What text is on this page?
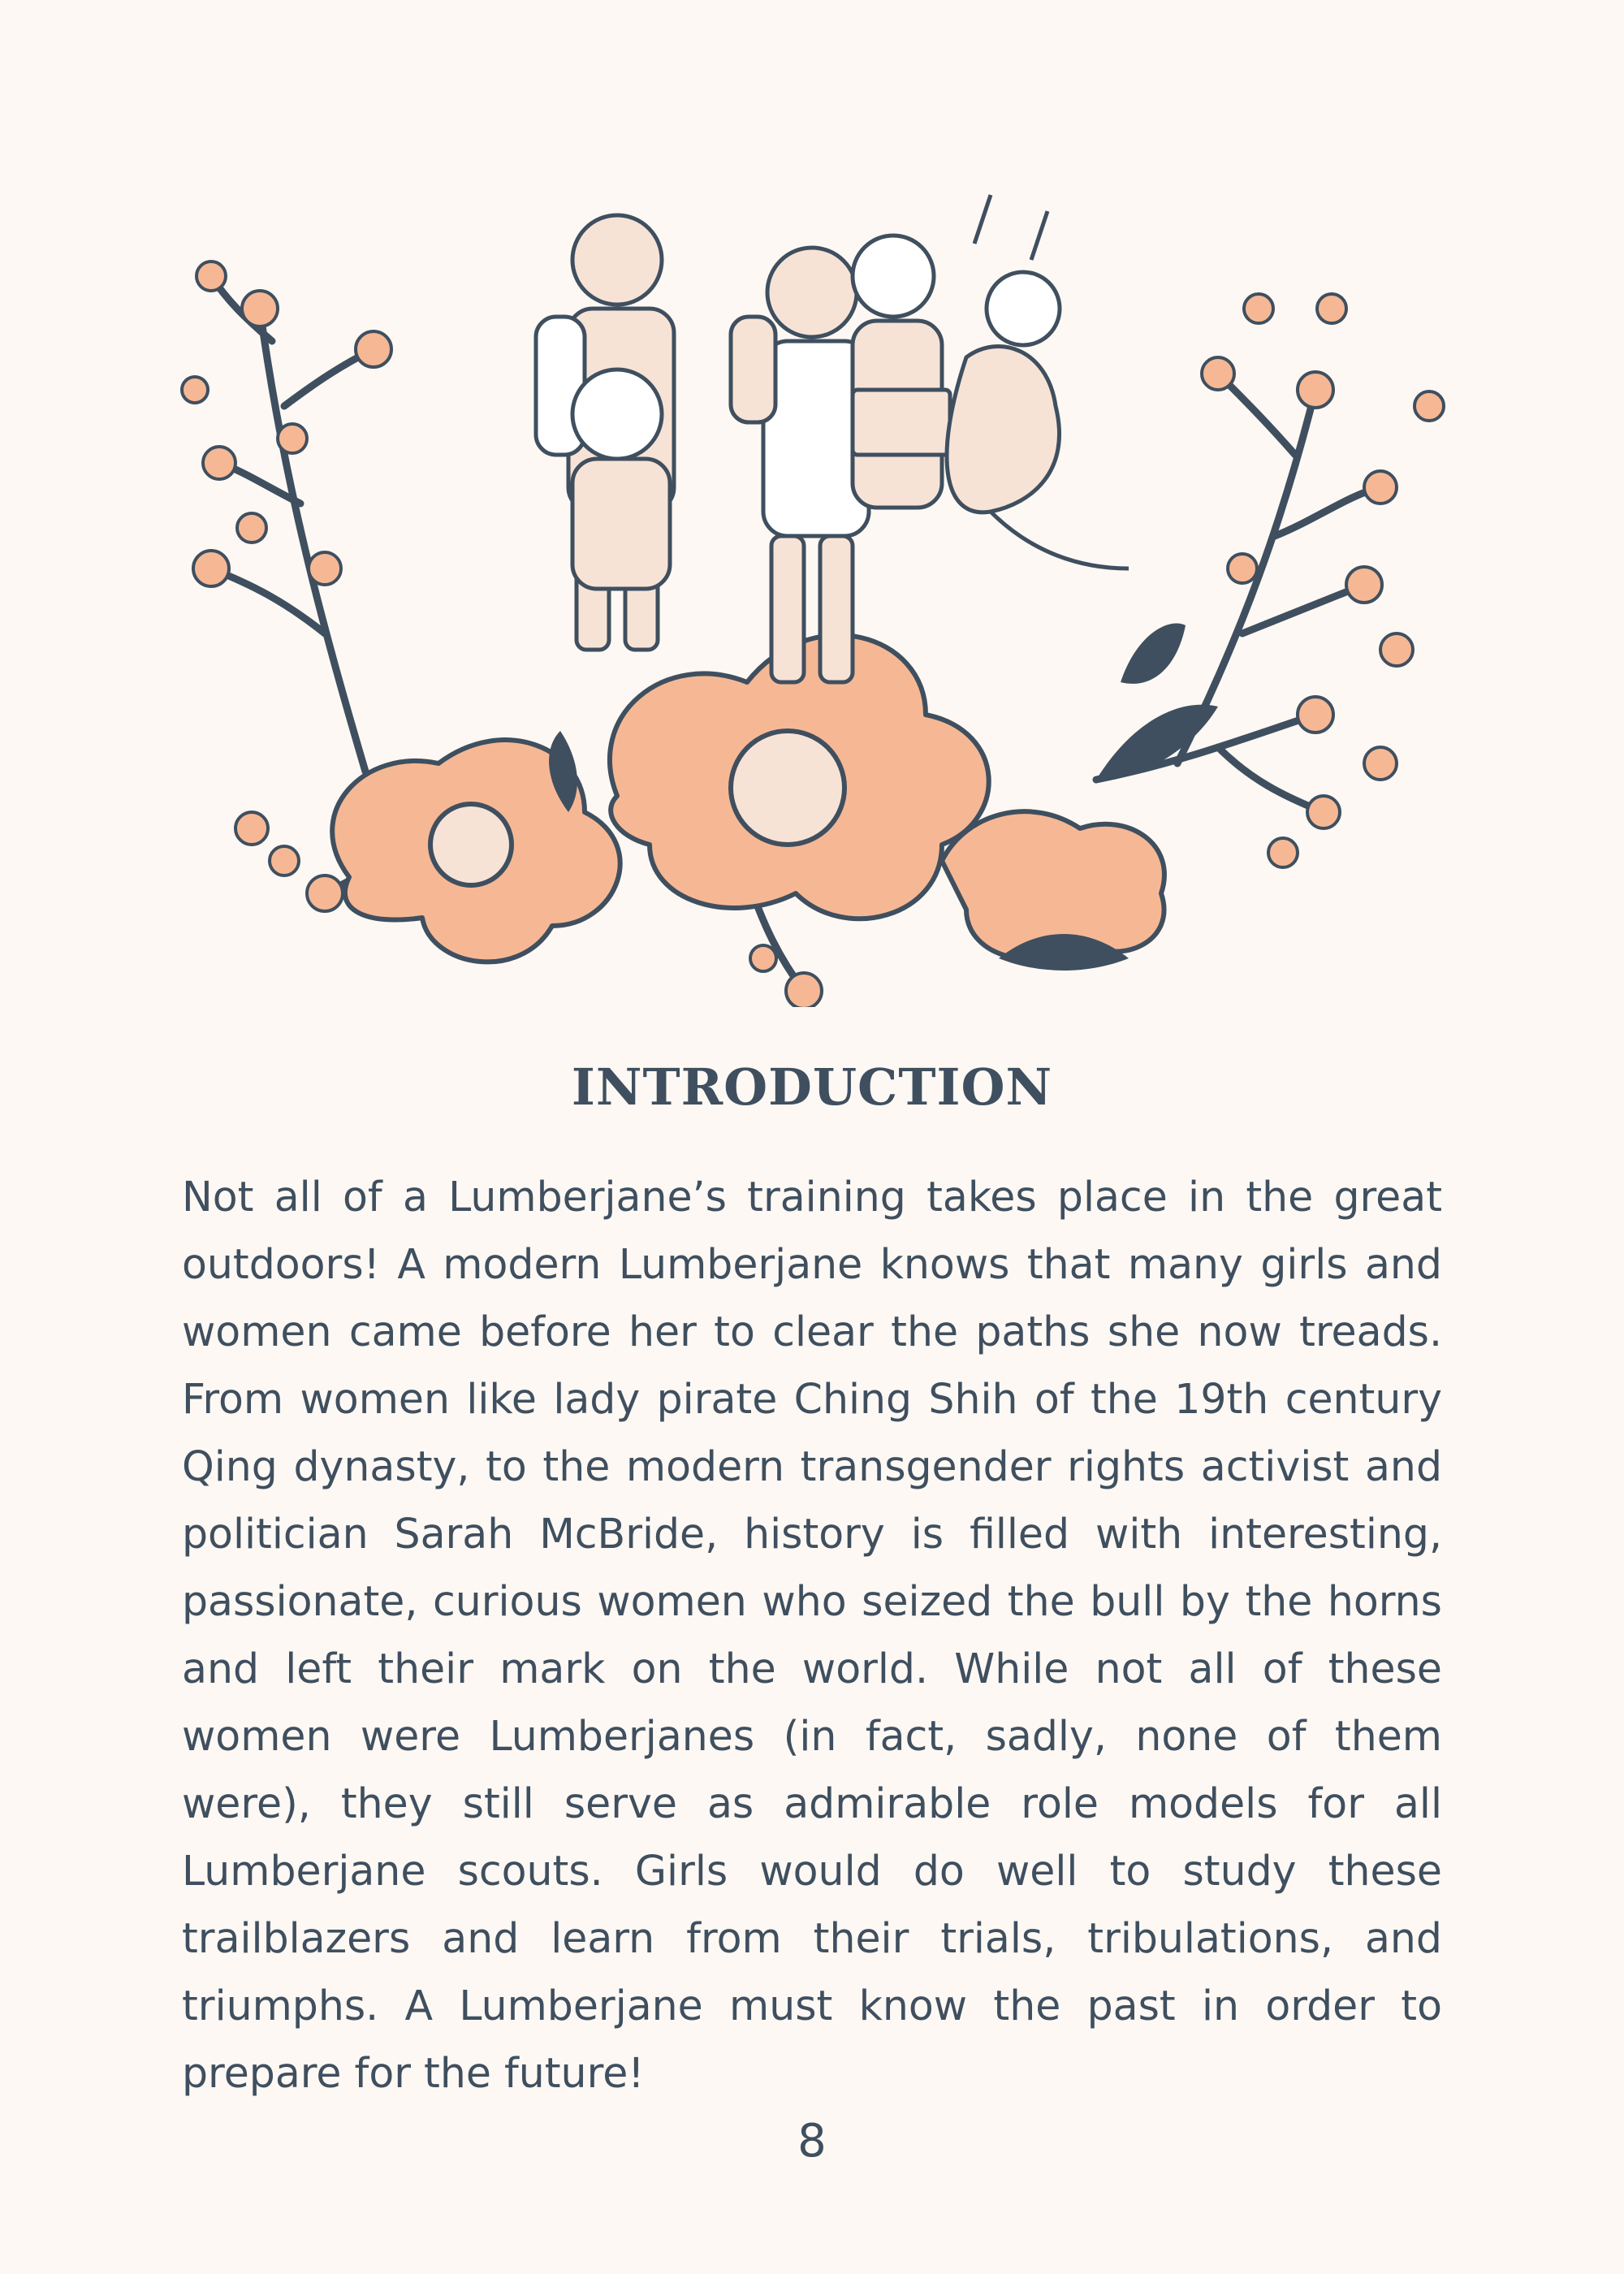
INTRODUCTION

Not all of a Lumberjane’s training takes place in the great outdoors! A modern Lumberjane knows that many girls and women came before her to clear the paths she now treads. From women like lady pirate Ching Shih of the 19th century Qing dynasty, to the modern transgender rights activist and politician Sarah McBride, history is filled with interesting, passionate, curious women who seized the bull by the horns and left their mark on the world. While not all of these women were Lumberjanes (in fact, sadly, none of them were), they still serve as admirable role models for all Lumberjane scouts. Girls would do well to study these trailblazers and learn from their trials, tribulations, and triumphs. A Lumberjane must know the past in order to prepare for the future!

8
